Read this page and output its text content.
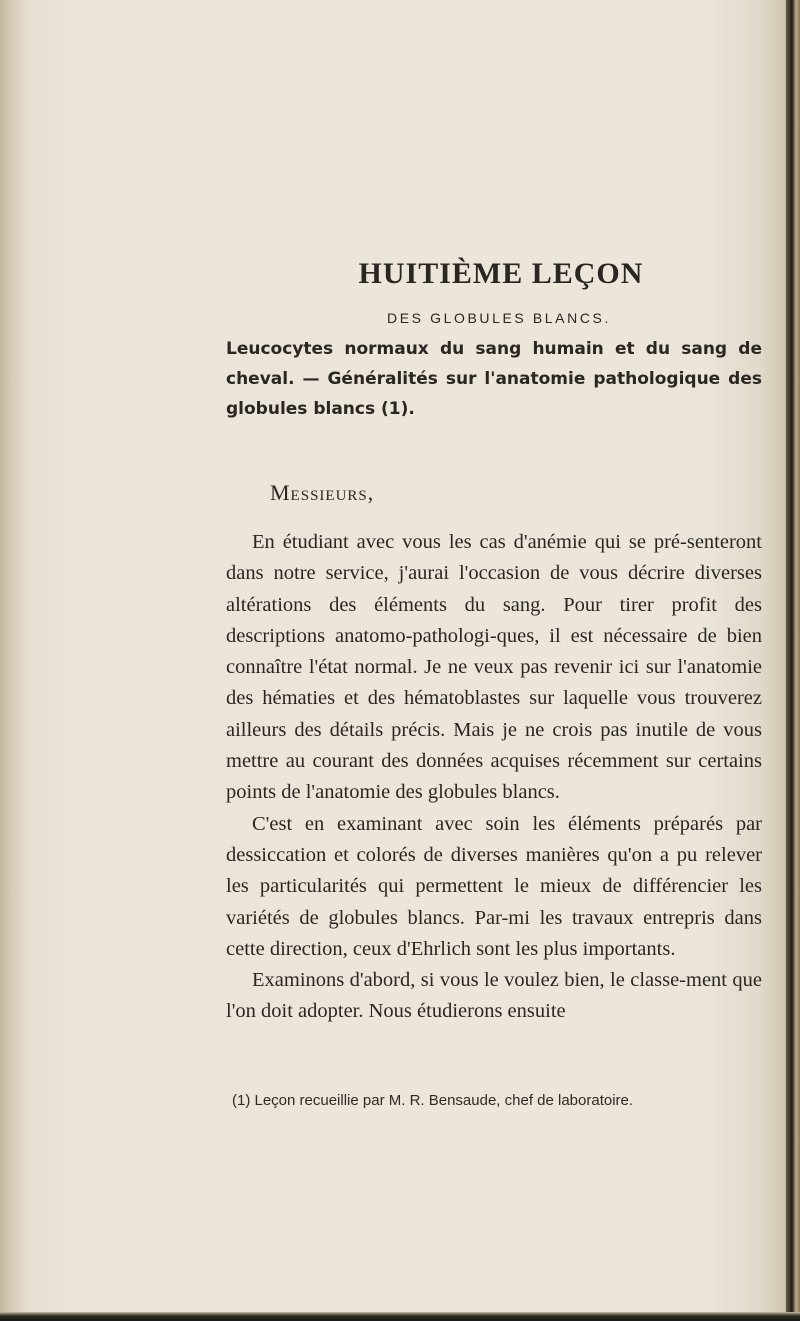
HUITIÈME LEÇON
DES GLOBULES BLANCS.
Leucocytes normaux du sang humain et du sang de cheval. — Généralités sur l'anatomie pathologique des globules blancs (1).
Messieurs,

En étudiant avec vous les cas d'anémie qui se pré-senteront dans notre service, j'aurai l'occasion de vous décrire diverses altérations des éléments du sang. Pour tirer profit des descriptions anatomo-pathologi-ques, il est nécessaire de bien connaître l'état normal. Je ne veux pas revenir ici sur l'anatomie des hématies et des hématoblastes sur laquelle vous trouverez ailleurs des détails précis. Mais je ne crois pas inutile de vous mettre au courant des données acquises récemment sur certains points de l'anatomie des globules blancs.

C'est en examinant avec soin les éléments préparés par dessiccation et colorés de diverses manières qu'on a pu relever les particularités qui permettent le mieux de différencier les variétés de globules blancs. Par-mi les travaux entrepris dans cette direction, ceux d'Ehrlich sont les plus importants.

Examinons d'abord, si vous le voulez bien, le classe-ment que l'on doit adopter. Nous étudierons ensuite

(1) Leçon recueillie par M. R. Bensaude, chef de laboratoire.
